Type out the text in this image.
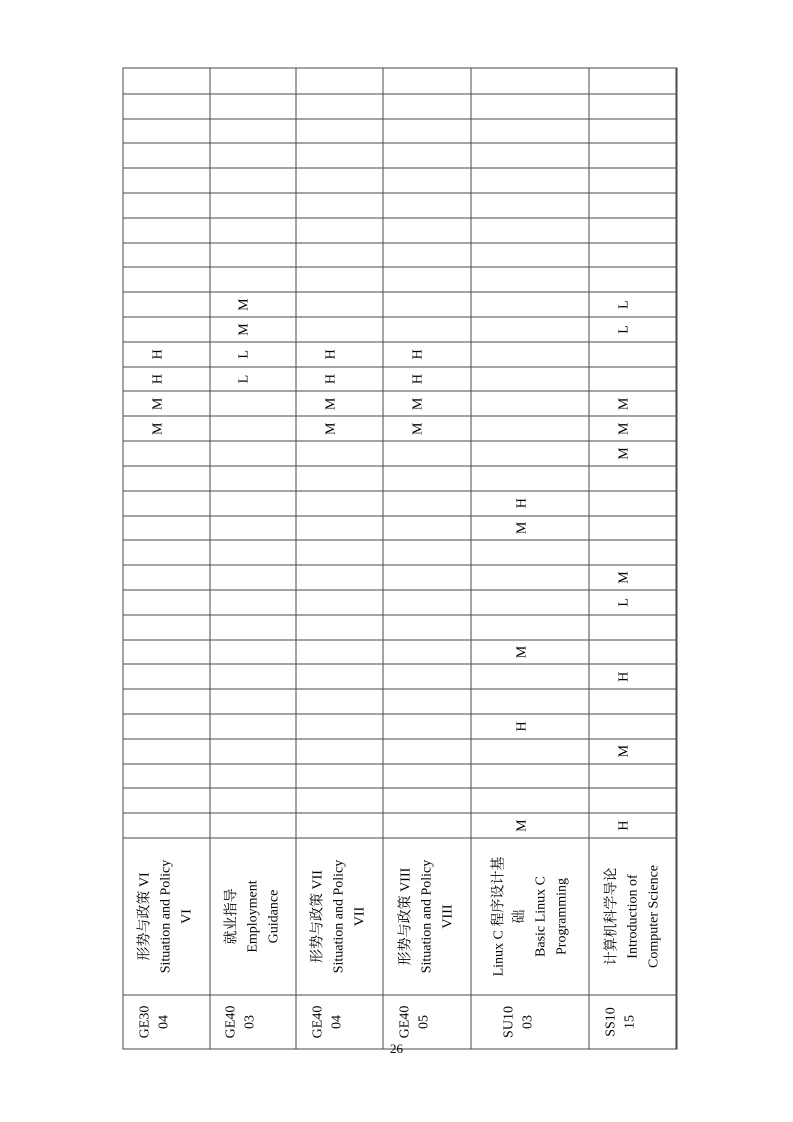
GE30 04
形势与政策 VI Situation and Policy VI
M
M
H
H
GE40 03
就业指导 Employment Guidance
L
L
M
M
GE40 04
形势与政策 VII Situation and Policy VII
M
M
H
H
GE40 05
形势与政策 VIII Situation and Policy VIII
M
M
H
H
SU10 03
Linux C 程序设计基 础 Basic Linux C Programming
M
H
M
M
H
SS10 15
计算机科学导论 Introduction of Computer Science
H
M
H
L
M
M
M
M
L
L
26
